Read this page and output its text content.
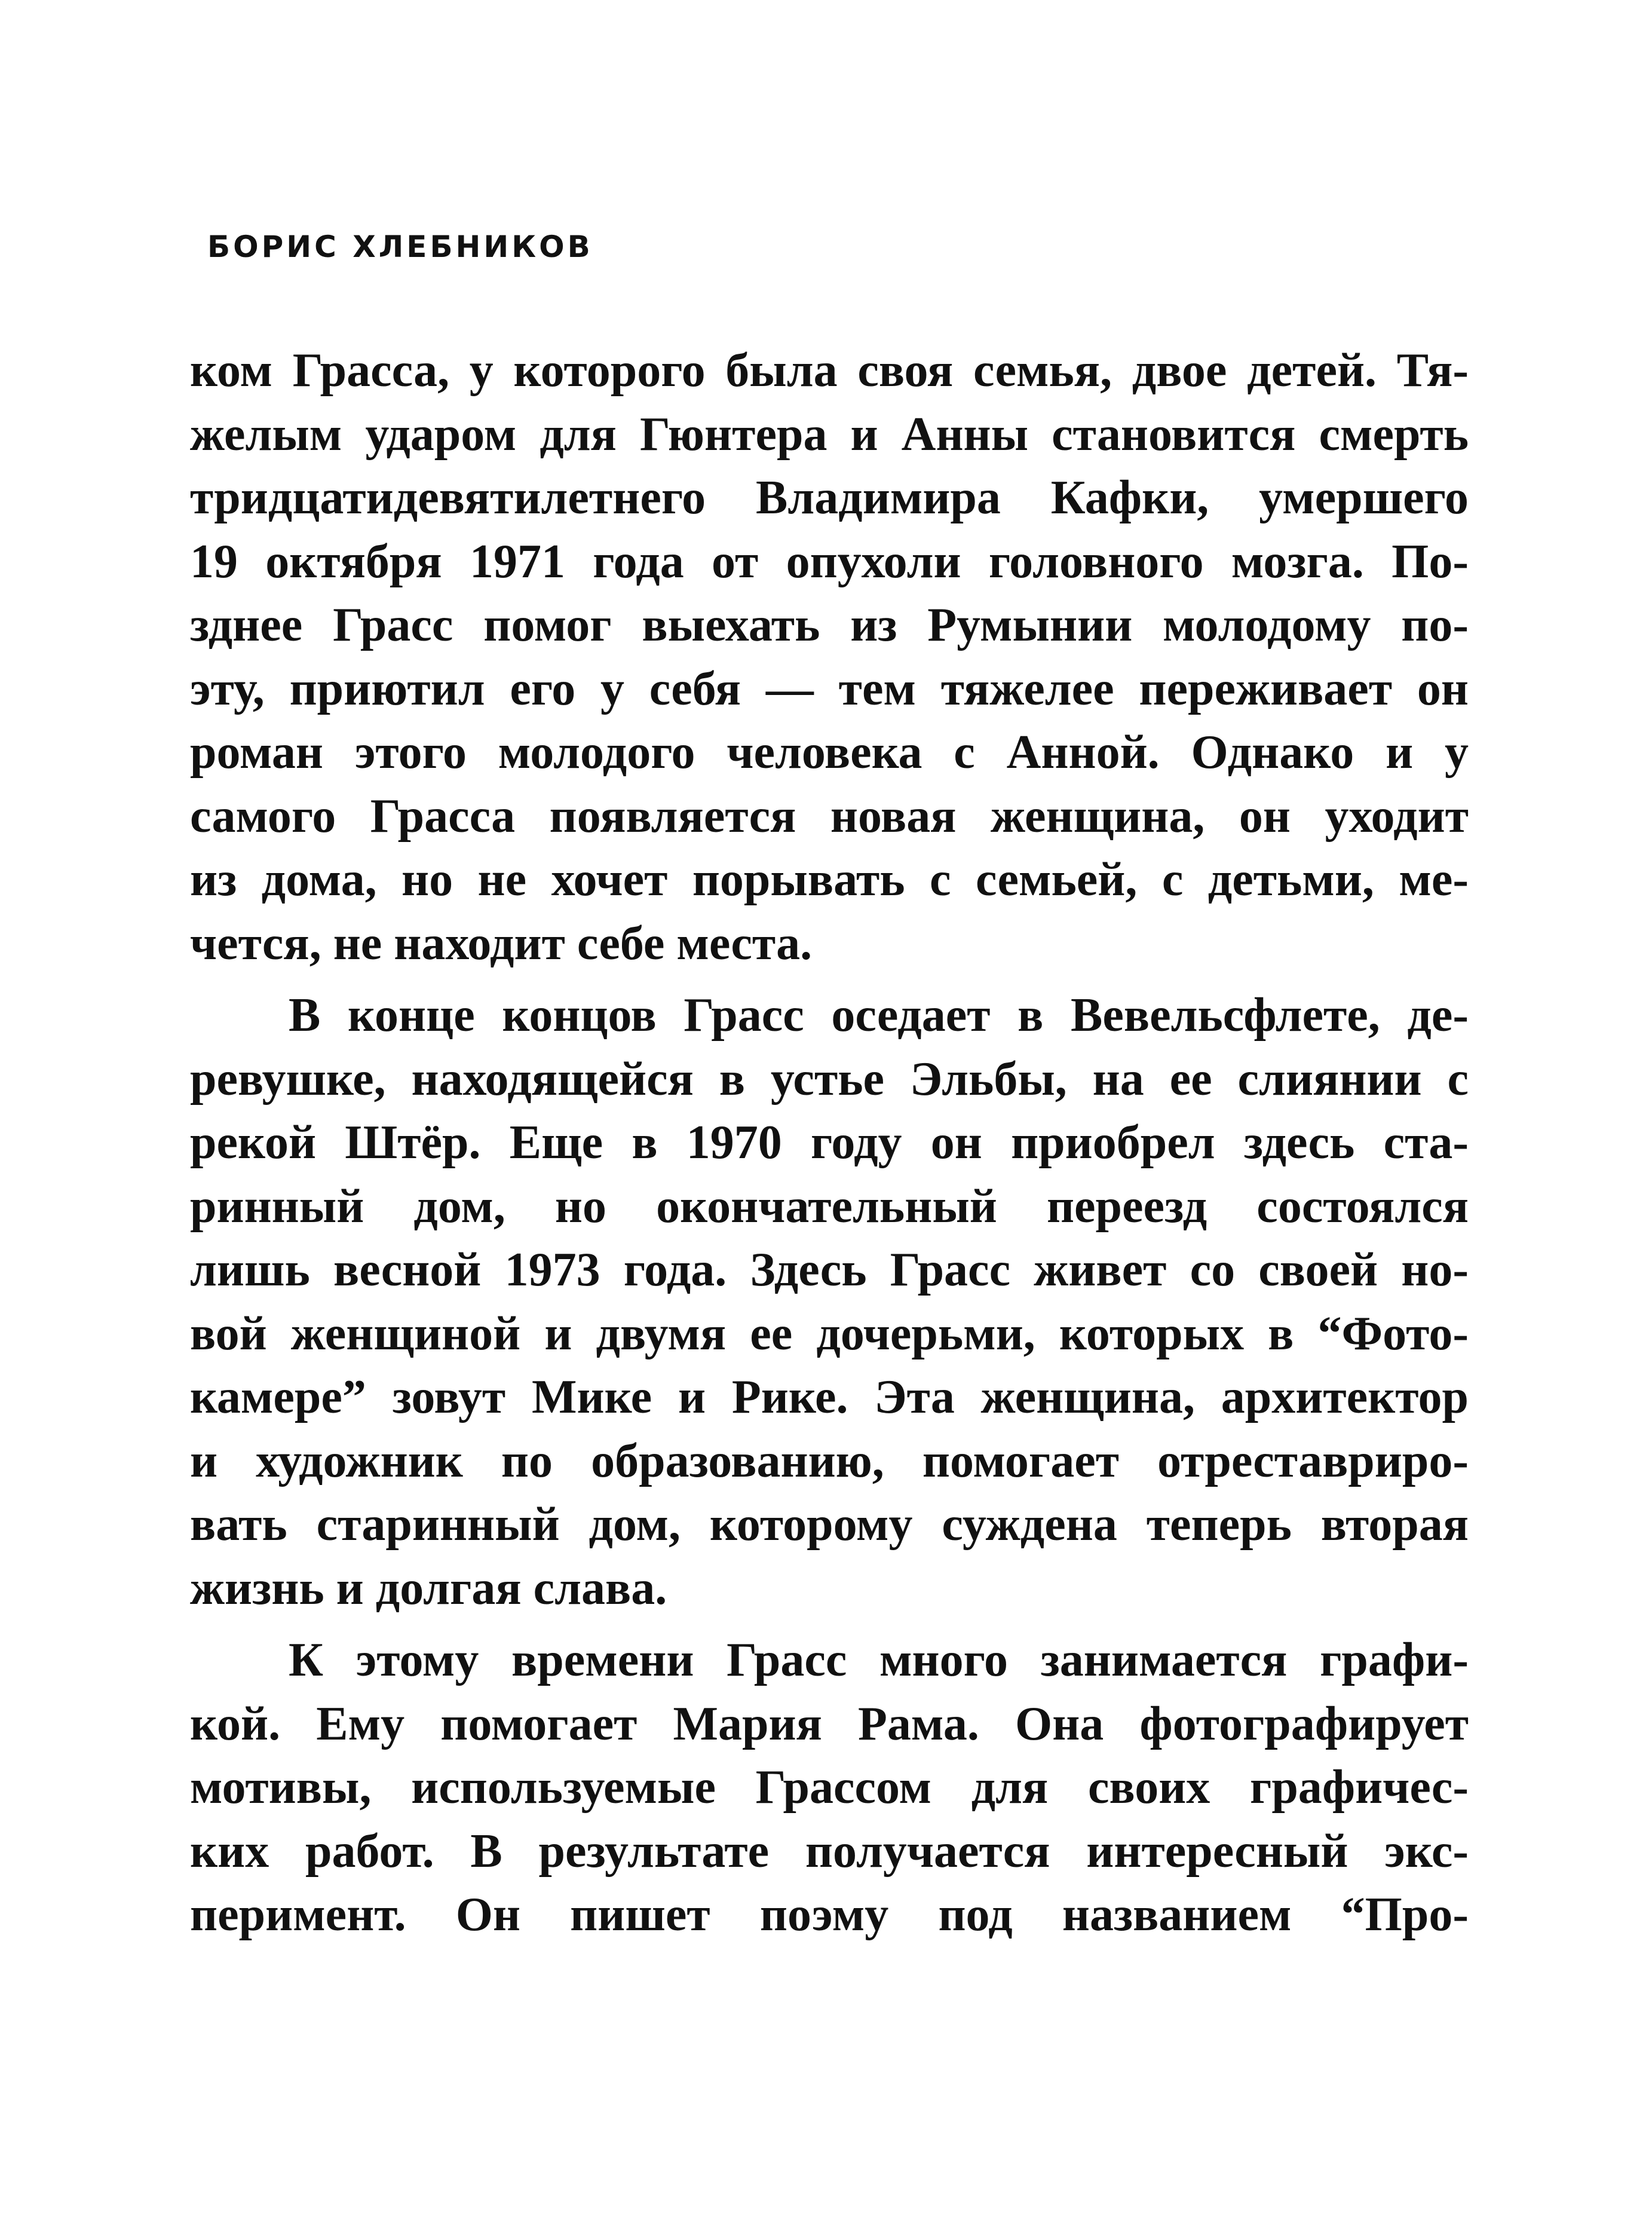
БОРИС ХЛЕБНИКОВ
ком Грасса, у которого была своя семья, двое детей. Тя-
желым ударом для Гюнтера и Анны становится смерть
тридцатидевятилетнего Владимира Кафки, умершего
19 октября 1971 года от опухоли головного мозга. По-
зднее Грасс помог выехать из Румынии молодому по-
эту, приютил его у себя — тем тяжелее переживает он
роман этого молодого человека с Анной. Однако и у
самого Грасса появляется новая женщина, он уходит
из дома, но не хочет порывать с семьей, с детьми, ме-
чется, не находит себе места.
В конце концов Грасс оседает в Вевельсфлете, де-
ревушке, находящейся в устье Эльбы, на ее слиянии с
рекой Штёр. Еще в 1970 году он приобрел здесь ста-
ринный дом, но окончательный переезд состоялся
лишь весной 1973 года. Здесь Грасс живет со своей но-
вой женщиной и двумя ее дочерьми, которых в “Фото-
камере” зовут Мике и Рике. Эта женщина, архитектор
и художник по образованию, помогает отреставриро-
вать старинный дом, которому суждена теперь вторая
жизнь и долгая слава.
К этому времени Грасс много занимается графи-
кой. Ему помогает Мария Рама. Она фотографирует
мотивы, используемые Грассом для своих графичес-
ких работ. В результате получается интересный экс-
перимент. Он пишет поэму под названием “Про-
